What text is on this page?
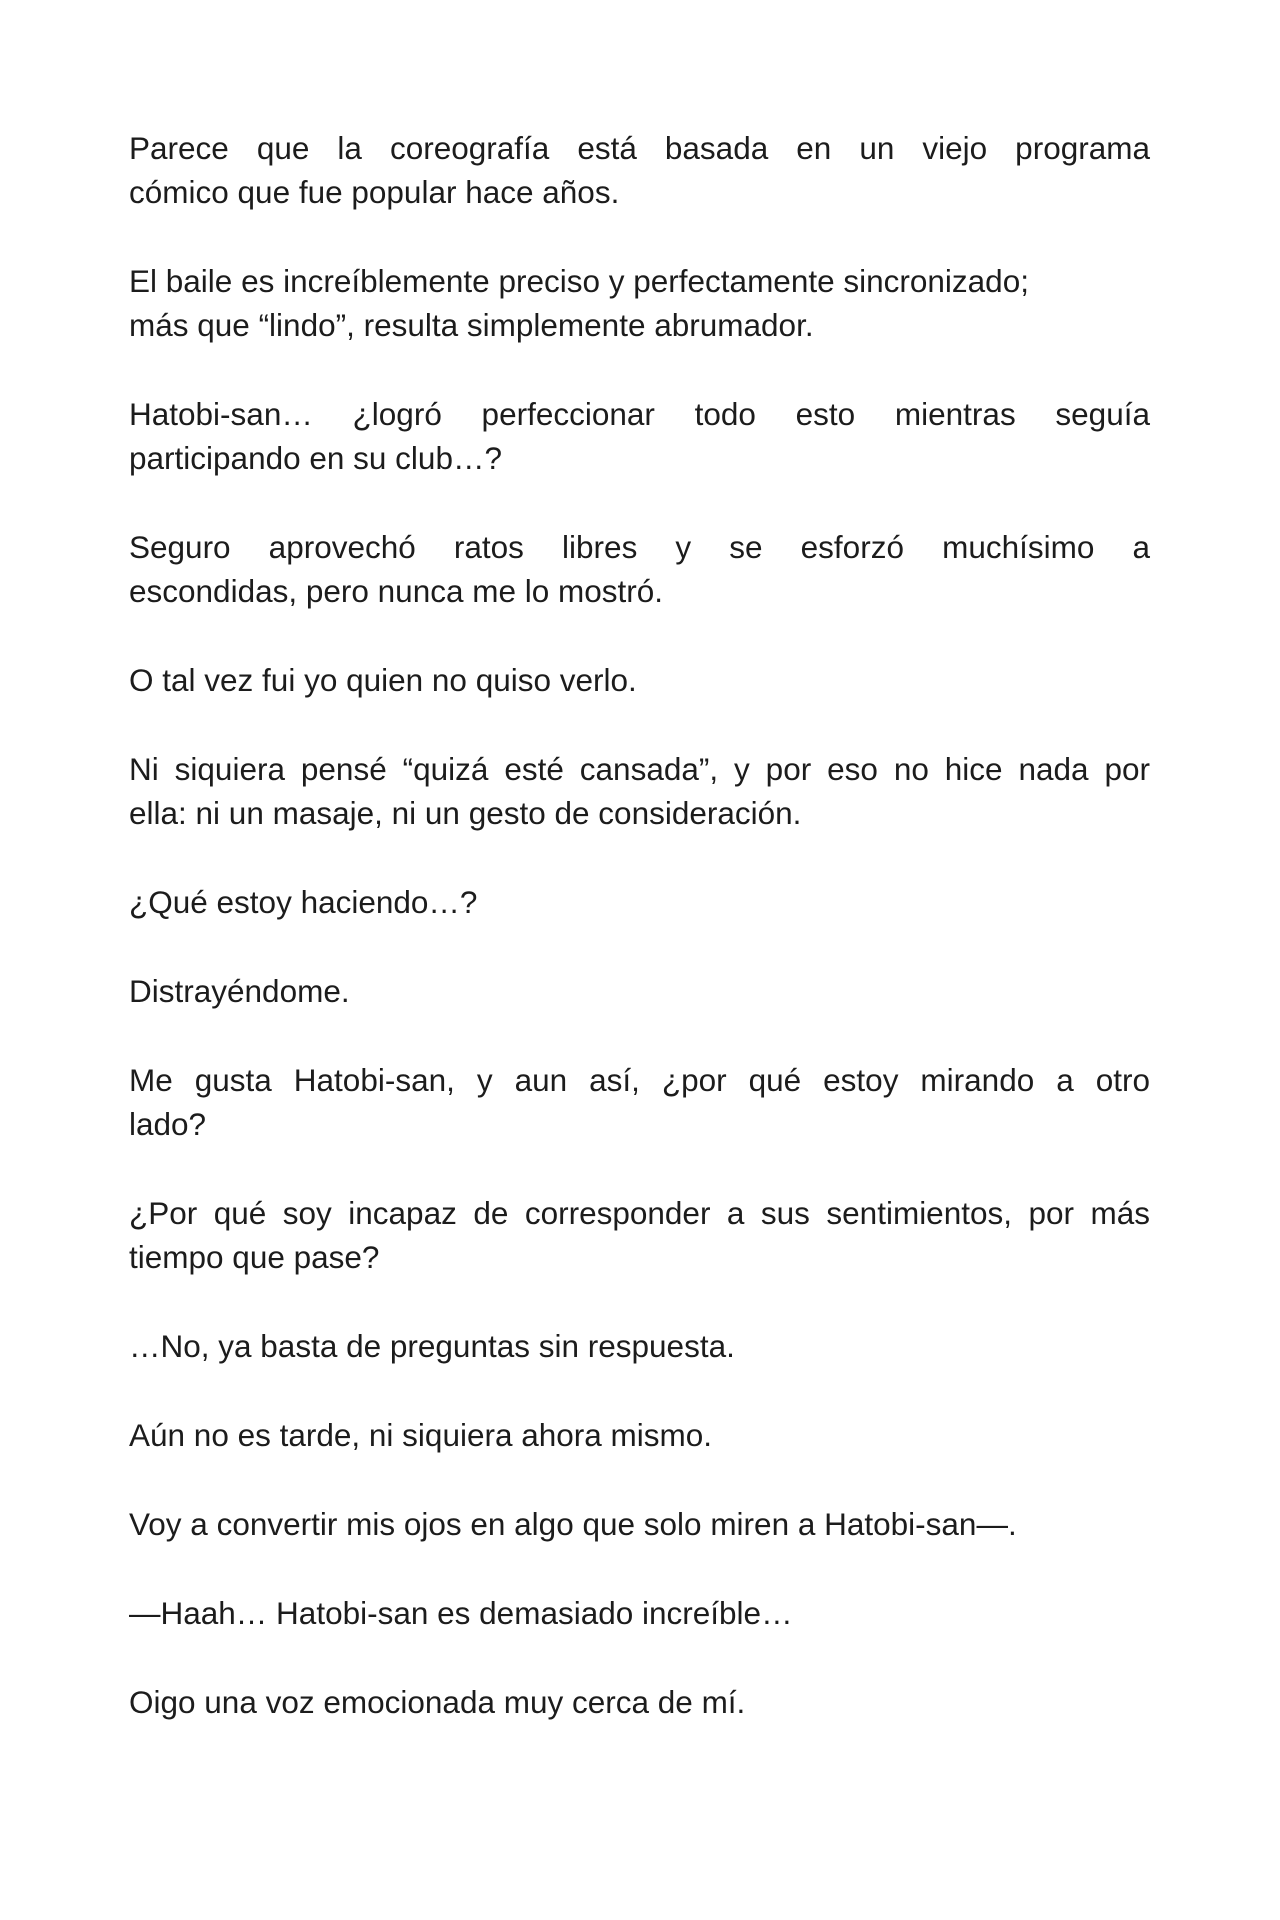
Parece que la coreografía está basada en un viejo programa
cómico que fue popular hace años.

El baile es increíblemente preciso y perfectamente sincronizado;
más que “lindo”, resulta simplemente abrumador.

Hatobi-san… ¿logró perfeccionar todo esto mientras seguía
participando en su club…?

Seguro aprovechó ratos libres y se esforzó muchísimo a
escondidas, pero nunca me lo mostró.

O tal vez fui yo quien no quiso verlo.

Ni siquiera pensé “quizá esté cansada”, y por eso no hice nada por
ella: ni un masaje, ni un gesto de consideración.

¿Qué estoy haciendo…?

Distrayéndome.

Me gusta Hatobi-san, y aun así, ¿por qué estoy mirando a otro
lado?

¿Por qué soy incapaz de corresponder a sus sentimientos, por más
tiempo que pase?

…No, ya basta de preguntas sin respuesta.

Aún no es tarde, ni siquiera ahora mismo.

Voy a convertir mis ojos en algo que solo miren a Hatobi-san—.

—Haah… Hatobi-san es demasiado increíble…

Oigo una voz emocionada muy cerca de mí.
